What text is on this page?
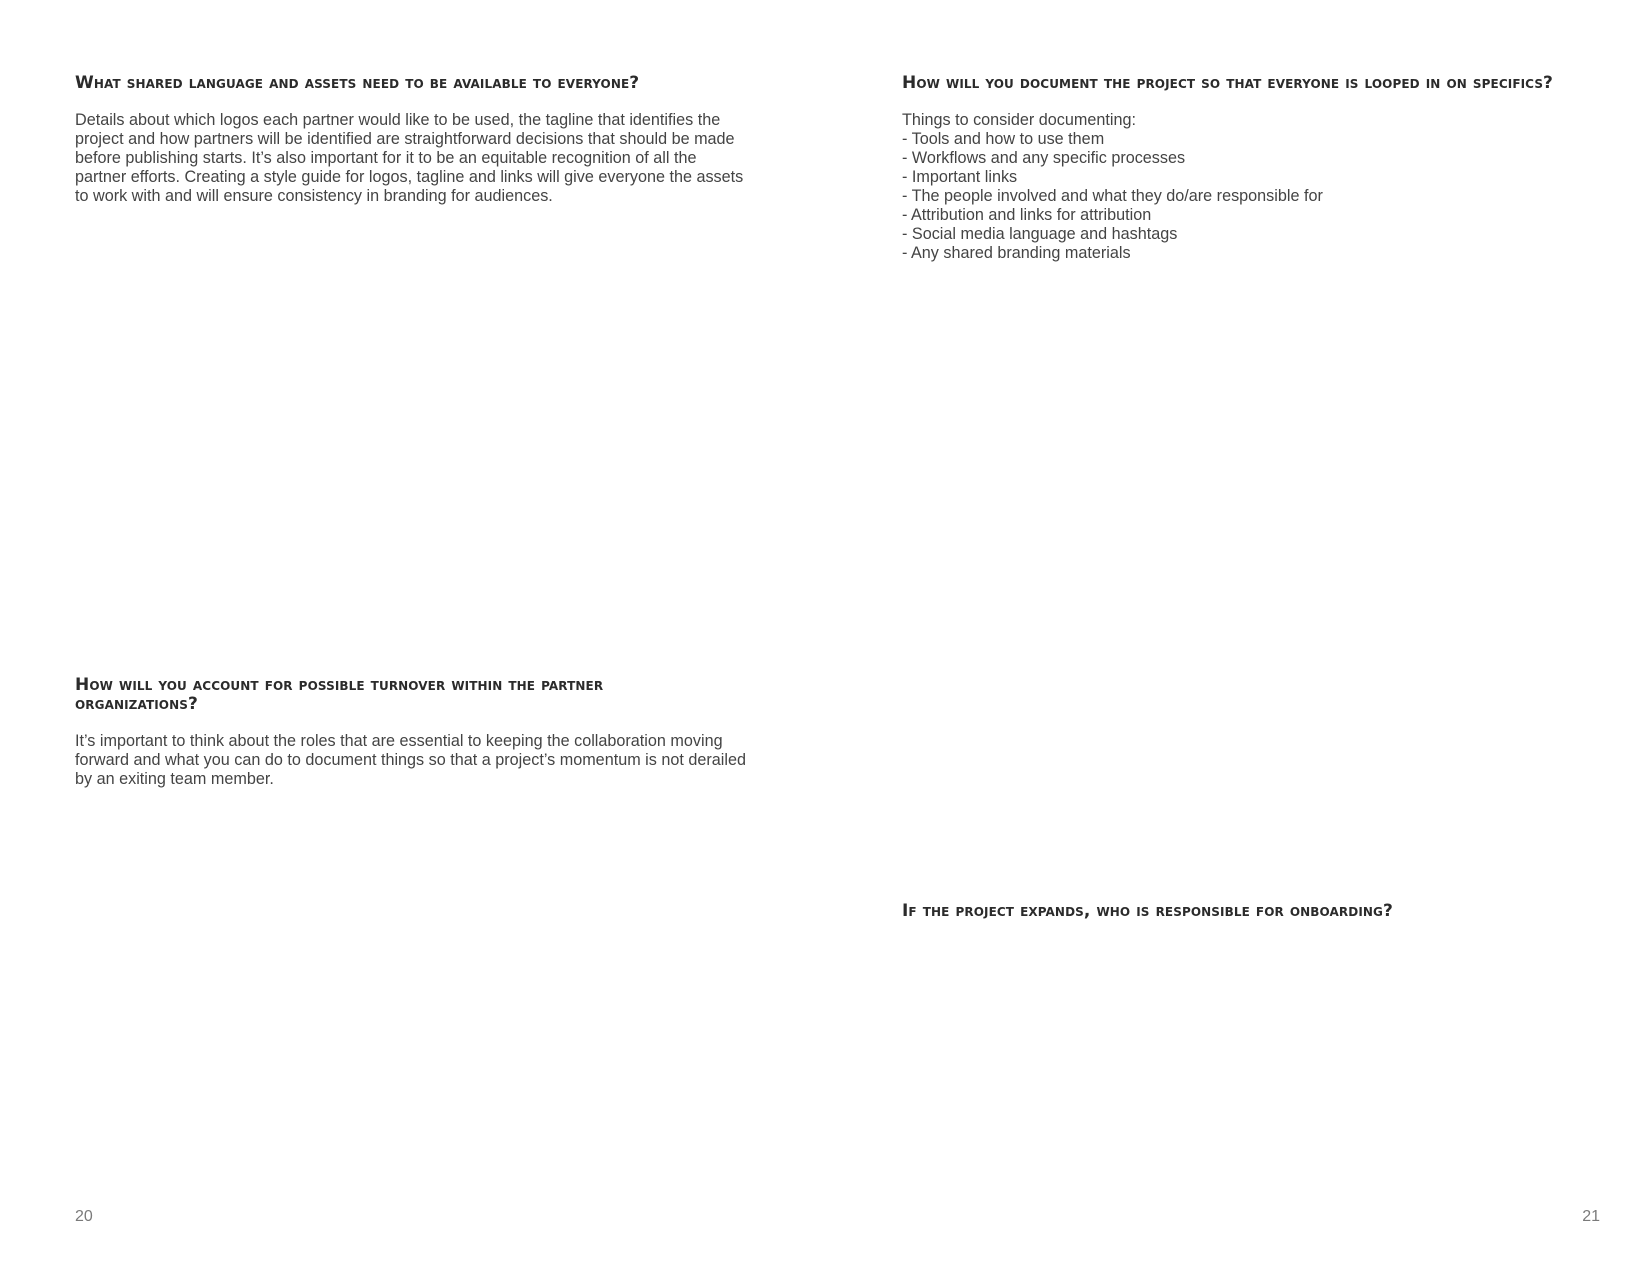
What shared language and assets need to be available to everyone?

Details about which logos each partner would like to be used, the tagline that identifies the project and how partners will be identified are straightforward decisions that should be made before publishing starts. It’s also important for it to be an equitable recognition of all the partner efforts. Creating a style guide for logos, tagline and links will give everyone the assets to work with and will ensure consistency in branding for audiences.

How will you account for possible turnover within the partner organizations?

It’s important to think about the roles that are essential to keeping the collaboration moving forward and what you can do to document things so that a project’s momentum is not derailed by an exiting team member.

20
How will you document the project so that everyone is looped in on specifics?

Things to consider documenting:

- Tools and how to use them
- Workflows and any specific processes
- Important links
- The people involved and what they do/are responsible for
- Attribution and links for attribution
- Social media language and hashtags
- Any shared branding materials
If the project expands, who is responsible for onboarding?
21
